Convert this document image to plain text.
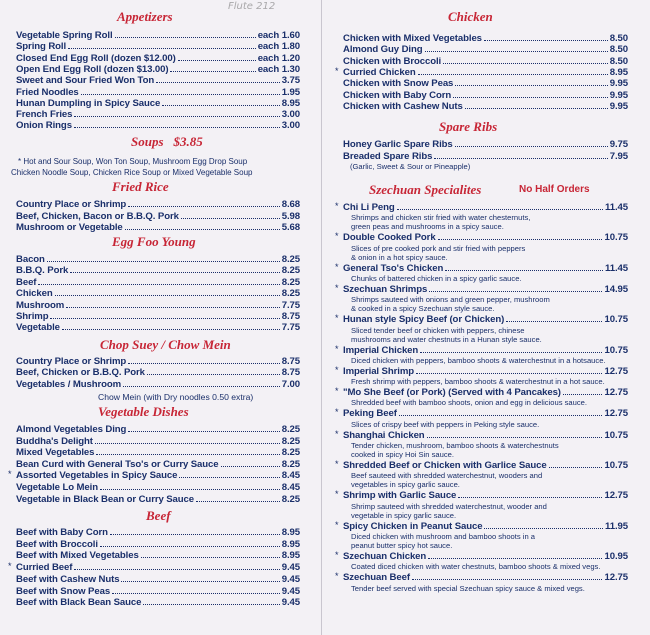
Flute 212
Appetizers
Vegetable Spring Roll	each 1.60
Spring Roll	each 1.80
Closed End Egg Roll (dozen $12.00)	each 1.20
Open End Egg Roll (dozen $13.00)	each 1.30
Sweet and Sour Fried Won Ton	3.75
Fried Noodles	1.95
Hunan Dumpling in Spicy Sauce	8.95
French Fries	3.00
Onion Rings	3.00
Soups $3.85
* Hot and Sour Soup, Won Ton Soup, Mushroom Egg Drop Soup
Chicken Noodle Soup, Chicken Rice Soup or Mixed Vegetable Soup
Fried Rice
Country Place or Shrimp	8.68
Beef, Chicken, Bacon or B.B.Q. Pork	5.98
Mushroom or Vegetable	5.68
Egg Foo Young
Bacon	8.25
B.B.Q. Pork	8.25
Beef	8.25
Chicken	8.25
Mushroom	7.75
Shrimp	8.75
Vegetable	7.75
Chop Suey / Chow Mein
Country Place or Shrimp	8.75
Beef, Chicken or B.B.Q. Pork	8.75
Vegetables / Mushroom	7.00
Chow Mein (with Dry noodles 0.50 extra)
Vegetable Dishes
Almond Vegetables Ding	8.25
Buddha's Delight	8.25
Mixed Vegetables	8.25
Bean Curd with General Tso's or Curry Sauce	8.25
Assorted Vegetables in Spicy Sauce	8.45
*
Vegetable Lo Mein	8.45
Vegetable in Black Bean or Curry Sauce	8.25
Beef
Beef with Baby Corn	8.95
Beef with Broccoli	8.95
Beef with Mixed Vegetables	8.95
Curried Beef	9.45
*
Beef with Cashew Nuts	9.45
Beef with Snow Peas	9.45
Beef with Black Bean Sauce	9.45
Chicken
Chicken with Mixed Vegetables	8.50
Almond Guy Ding	8.50
Chicken with Broccoli	8.50
Curried Chicken	8.95
*
Chicken with Snow Peas	9.95
Chicken with Baby Corn	9.95
Chicken with Cashew Nuts	9.95
Spare Ribs
Honey Garlic Spare Ribs	9.75
Breaded Spare Ribs	7.95
(Garlic, Sweet & Sour or Pineapple)
Szechuan Specialites	No Half Orders
Chi Li Peng	11.45
*
Shrimps and chicken stir fried with water chesternuts,
green peas and mushrooms in a spicy sauce.
Double Cooked Pork	10.75
*
Slices of pre cooked pork and stir fried with peppers
& onion in a hot spicy sauce.
General Tso's Chicken	11.45
*
Chunks of battered chicken in a spicy garlic sauce.
Szechuan Shrimps	14.95
*
Shrimps sauteed with onions and green pepper, mushroom
& cooked in a spicy Szechuan style sauce.
Hunan style Spicy Beef (or Chicken)	10.75
*
Sliced tender beef or chicken with peppers, chinese
mushrooms and water chestnuts in a Hunan style sauce.
Imperial Chicken	10.75
*
Diced chicken with peppers, bamboo shoots & waterchestnut in a hotsauce.
Imperial Shrimp	12.75
*
Fresh shrimp with peppers, bamboo shoots & waterchestnut in a hot sauce.
"Mo She Beef (or Pork) (Served with 4 Pancakes)	12.75
*
Shredded beef with bamboo shoots, onion and egg in delicious sauce.
Peking Beef	12.75
*
Slices of crispy beef with peppers in Peking style sauce.
Shanghai Chicken	10.75
*
Tender chicken, mushroom, bamboo shoots & waterchestnuts
cooked in spicy Hoi Sin sauce.
Shredded Beef or Chicken with Garlice Sauce	10.75
*
Beef sauteed with shredded waterchestnut, wooders and
vegetables in spicy garlic sauce.
Shrimp with Garlic Sauce	12.75
*
Shrimp sauteed with shredded waterchestnut, wooder and
vegetable in spicy garlic sauce.
Spicy Chicken in Peanut Sauce	11.95
*
Diced chicken with mushroom and bamboo shoots in a
peanut butter spicy hot sauce.
Szechuan Chicken	10.95
*
Coated diced chicken with water chestnuts, bamboo shoots & mixed vegs.
Szechuan Beef	12.75
*
Tender beef served with special Szechuan spicy sauce & mixed vegs.
